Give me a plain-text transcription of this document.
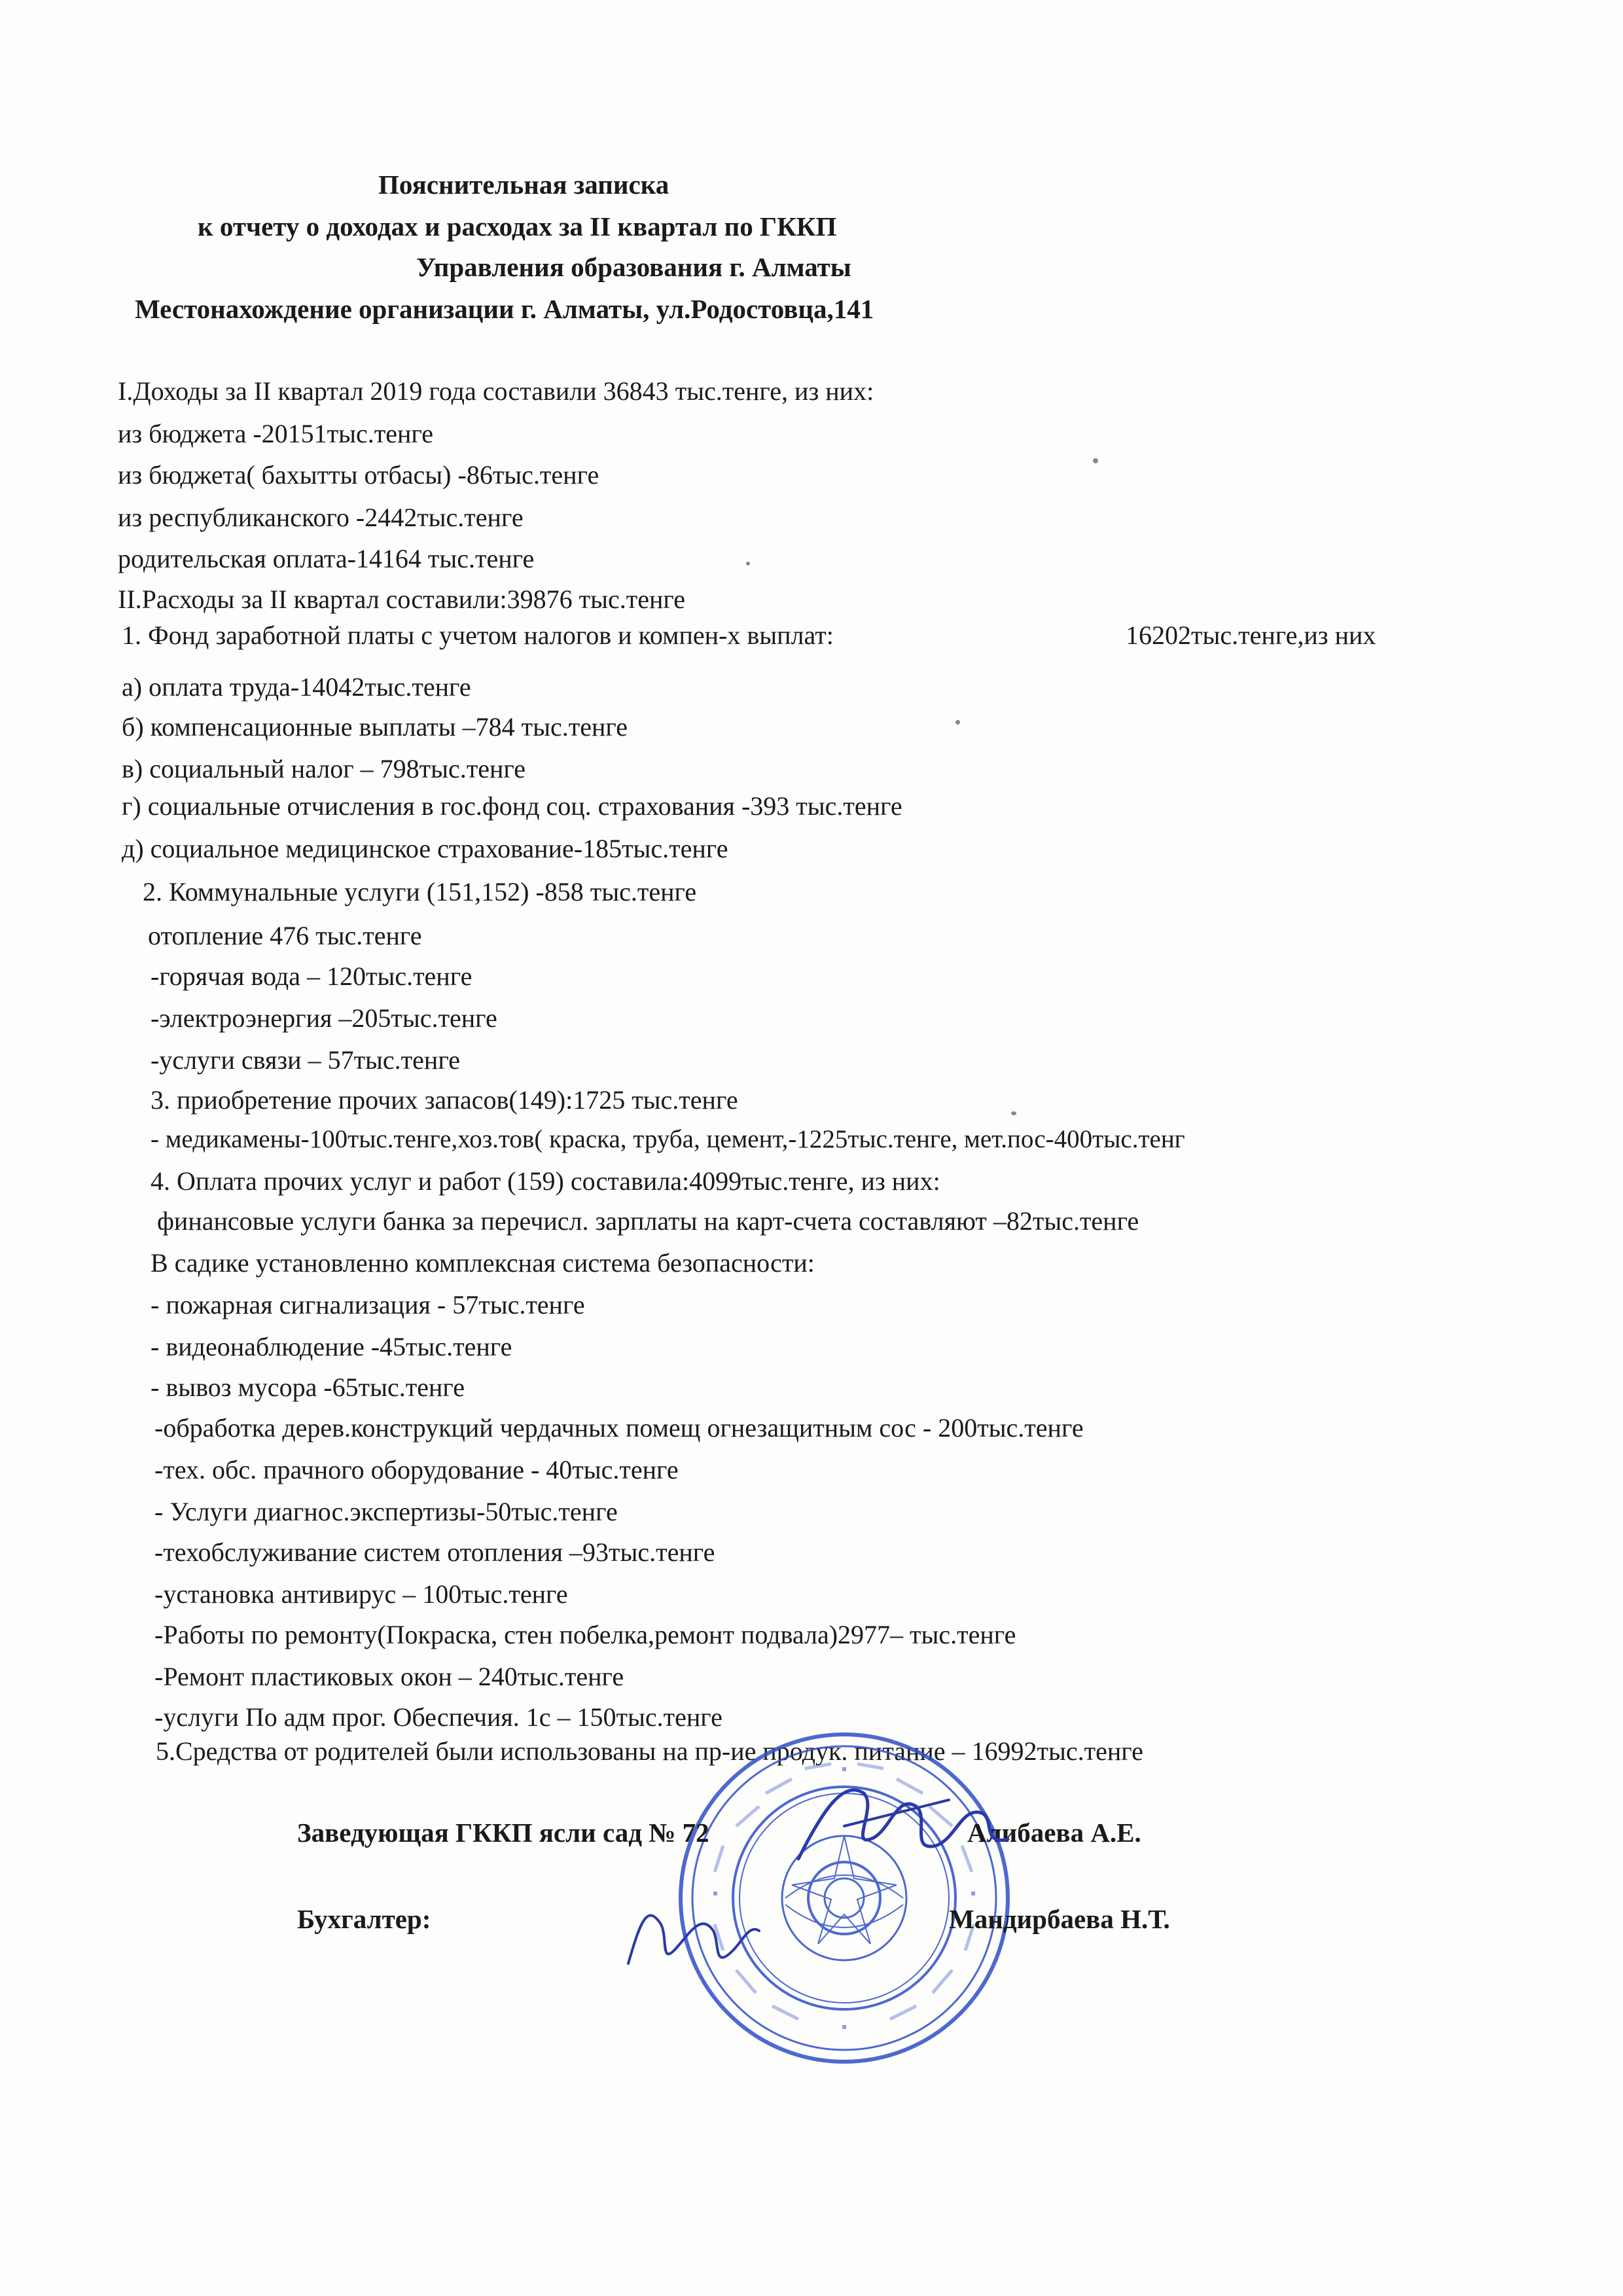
Пояснительная записка
к отчету о доходах и расходах за II квартал по ГККП
Управления образования г. Алматы
Местонахождение организации г. Алматы, ул.Родостовца,141
I.Доходы за II квартал 2019 года составили 36843 тыс.тенге, из них:
из бюджета -20151тыс.тенге
из бюджета( бахытты отбасы) -86тыс.тенге
из республиканского -2442тыс.тенге
родительская оплата-14164 тыс.тенге
II.Расходы за II квартал составили:39876 тыс.тенге
1. Фонд заработной платы с учетом налогов и компен-х выплат:	16202тыс.тенге,из них
а) оплата труда-14042тыс.тенге
б) компенсационные выплаты –784 тыс.тенге
в) социальный налог – 798тыс.тенге
г) социальные отчисления в гос.фонд соц. страхования -393 тыс.тенге
д) социальное медицинское страхование-185тыс.тенге
2. Коммунальные услуги (151,152) -858 тыс.тенге
отопление 476 тыс.тенге
-горячая вода – 120тыс.тенге
-электроэнергия –205тыс.тенге
-услуги связи – 57тыс.тенге
3. приобретение прочих запасов(149):1725 тыс.тенге
- медикамены-100тыс.тенге,хоз.тов( краска, труба, цемент,-1225тыс.тенге, мет.пос-400тыс.тенг
4. Оплата прочих услуг и работ (159) составила:4099тыс.тенге, из них:
финансовые услуги банка за перечисл. зарплаты на карт-счета составляют –82тыс.тенге
В садике установленно комплексная система безопасности:
- пожарная сигнализация - 57тыс.тенге
- видеонаблюдение -45тыс.тенге
- вывоз мусора -65тыс.тенге
-обработка дерев.конструкций чердачных помещ огнезащитным сос - 200тыс.тенге
-тех. обс. прачного оборудование - 40тыс.тенге
- Услуги диагнос.экспертизы-50тыс.тенге
-техобслуживание систем отопления –93тыс.тенге
-установка антивирус – 100тыс.тенге
-Работы по ремонту(Покраска, стен побелка,ремонт подвала)2977– тыс.тенге
-Ремонт пластиковых окон – 240тыс.тенге
-услуги По адм прог. Обеспечия. 1с – 150тыс.тенге
5.Средства от родителей были использованы на пр-ие продук. питание – 16992тыс.тенге
Заведующая ГККП ясли сад № 72	Алибаева А.Е.
Бухгалтер:	Мандирбаева Н.Т.
